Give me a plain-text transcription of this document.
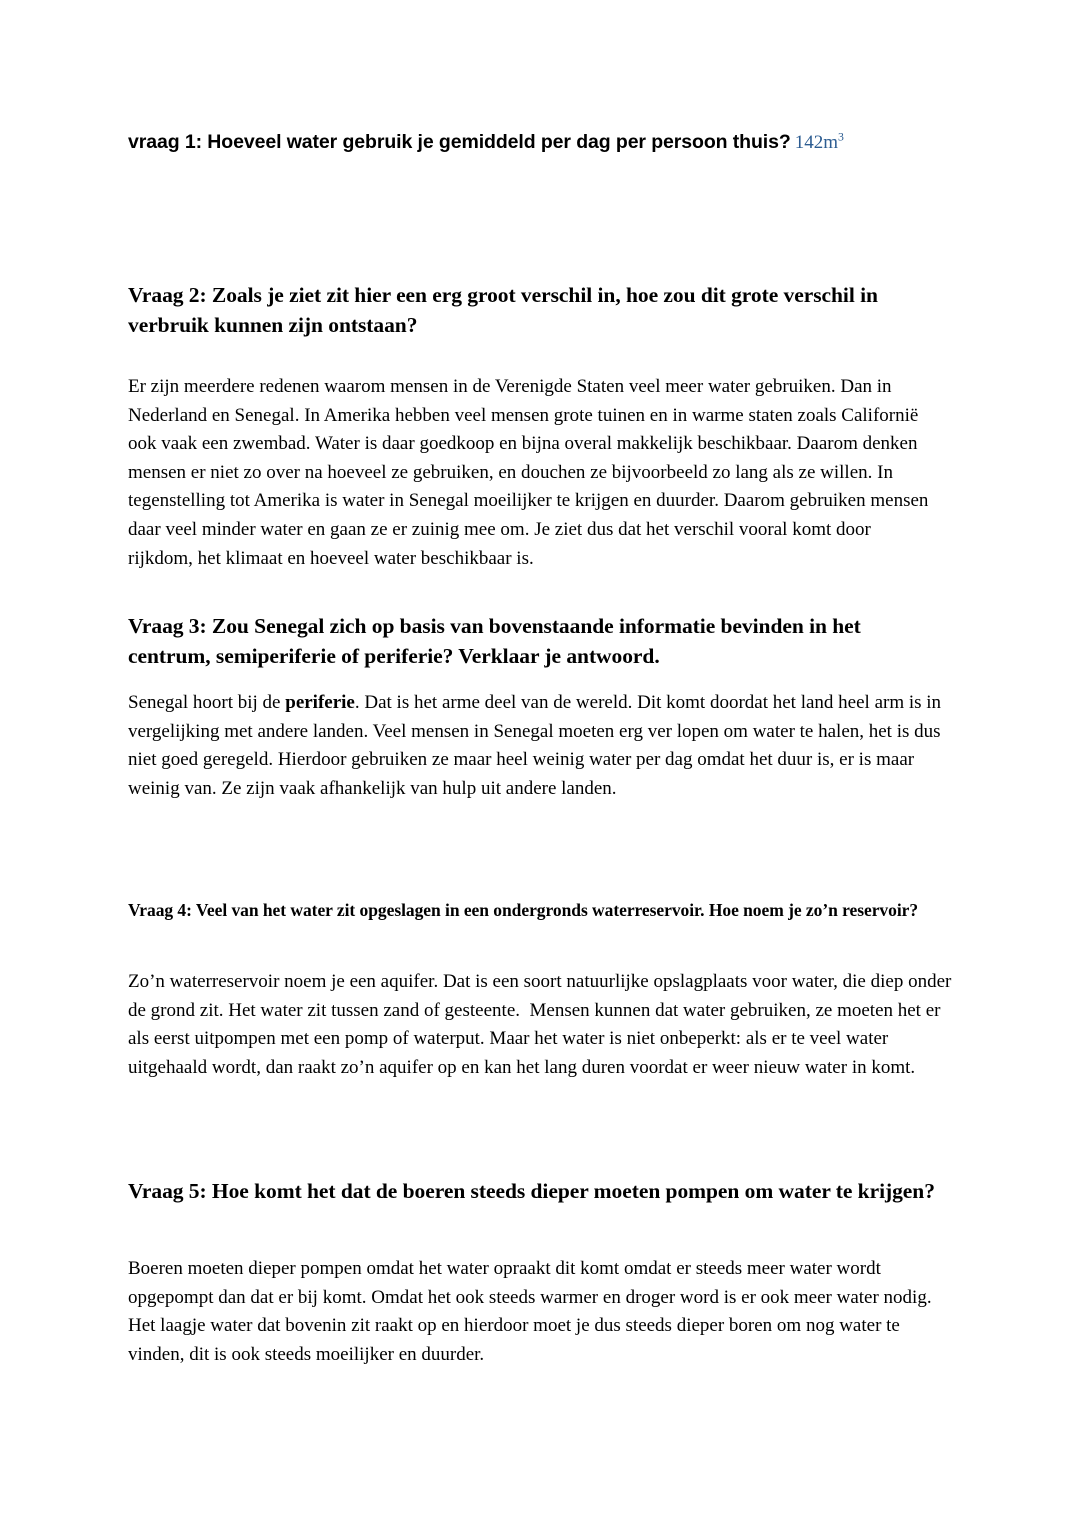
vraag 1: Hoeveel water gebruik je gemiddeld per dag per persoon thuis? $142m^3$
Vraag 2: Zoals je ziet zit hier een erg groot verschil in, hoe zou dit grote verschil in verbruik kunnen zijn ontstaan?
Er zijn meerdere redenen waarom mensen in de Verenigde Staten veel meer water gebruiken. Dan in Nederland en Senegal. In Amerika hebben veel mensen grote tuinen en in warme staten zoals Californië ook vaak een zwembad. Water is daar goedkoop en bijna overal makkelijk beschikbaar. Daarom denken mensen er niet zo over na hoeveel ze gebruiken, en douchen ze bijvoorbeeld zo lang als ze willen. In tegenstelling tot Amerika is water in Senegal moeilijker te krijgen en duurder. Daarom gebruiken mensen daar veel minder water en gaan ze er zuinig mee om. Je ziet dus dat het verschil vooral komt door rijkdom, het klimaat en hoeveel water beschikbaar is.
Vraag 3: Zou Senegal zich op basis van bovenstaande informatie bevinden in het centrum, semiperiferie of periferie? Verklaar je antwoord.
Senegal hoort bij de periferie. Dat is het arme deel van de wereld. Dit komt doordat het land heel arm is in vergelijking met andere landen. Veel mensen in Senegal moeten erg ver lopen om water te halen, het is dus niet goed geregeld. Hierdoor gebruiken ze maar heel weinig water per dag omdat het duur is, er is maar weinig van. Ze zijn vaak afhankelijk van hulp uit andere landen.
Vraag 4: Veel van het water zit opgeslagen in een ondergronds waterreservoir. Hoe noem je zo’n reservoir?
Zo’n waterreservoir noem je een aquifer. Dat is een soort natuurlijke opslagplaats voor water, die diep onder de grond zit. Het water zit tussen zand of gesteente.  Mensen kunnen dat water gebruiken, ze moeten het er als eerst uitpompen met een pomp of waterput. Maar het water is niet onbeperkt: als er te veel water uitgehaald wordt, dan raakt zo’n aquifer op en kan het lang duren voordat er weer nieuw water in komt.
Vraag 5: Hoe komt het dat de boeren steeds dieper moeten pompen om water te krijgen?
Boeren moeten dieper pompen omdat het water opraakt dit komt omdat er steeds meer water wordt opgepompt dan dat er bij komt. Omdat het ook steeds warmer en droger word is er ook meer water nodig. Het laagje water dat bovenin zit raakt op en hierdoor moet je dus steeds dieper boren om nog water te vinden, dit is ook steeds moeilijker en duurder.
